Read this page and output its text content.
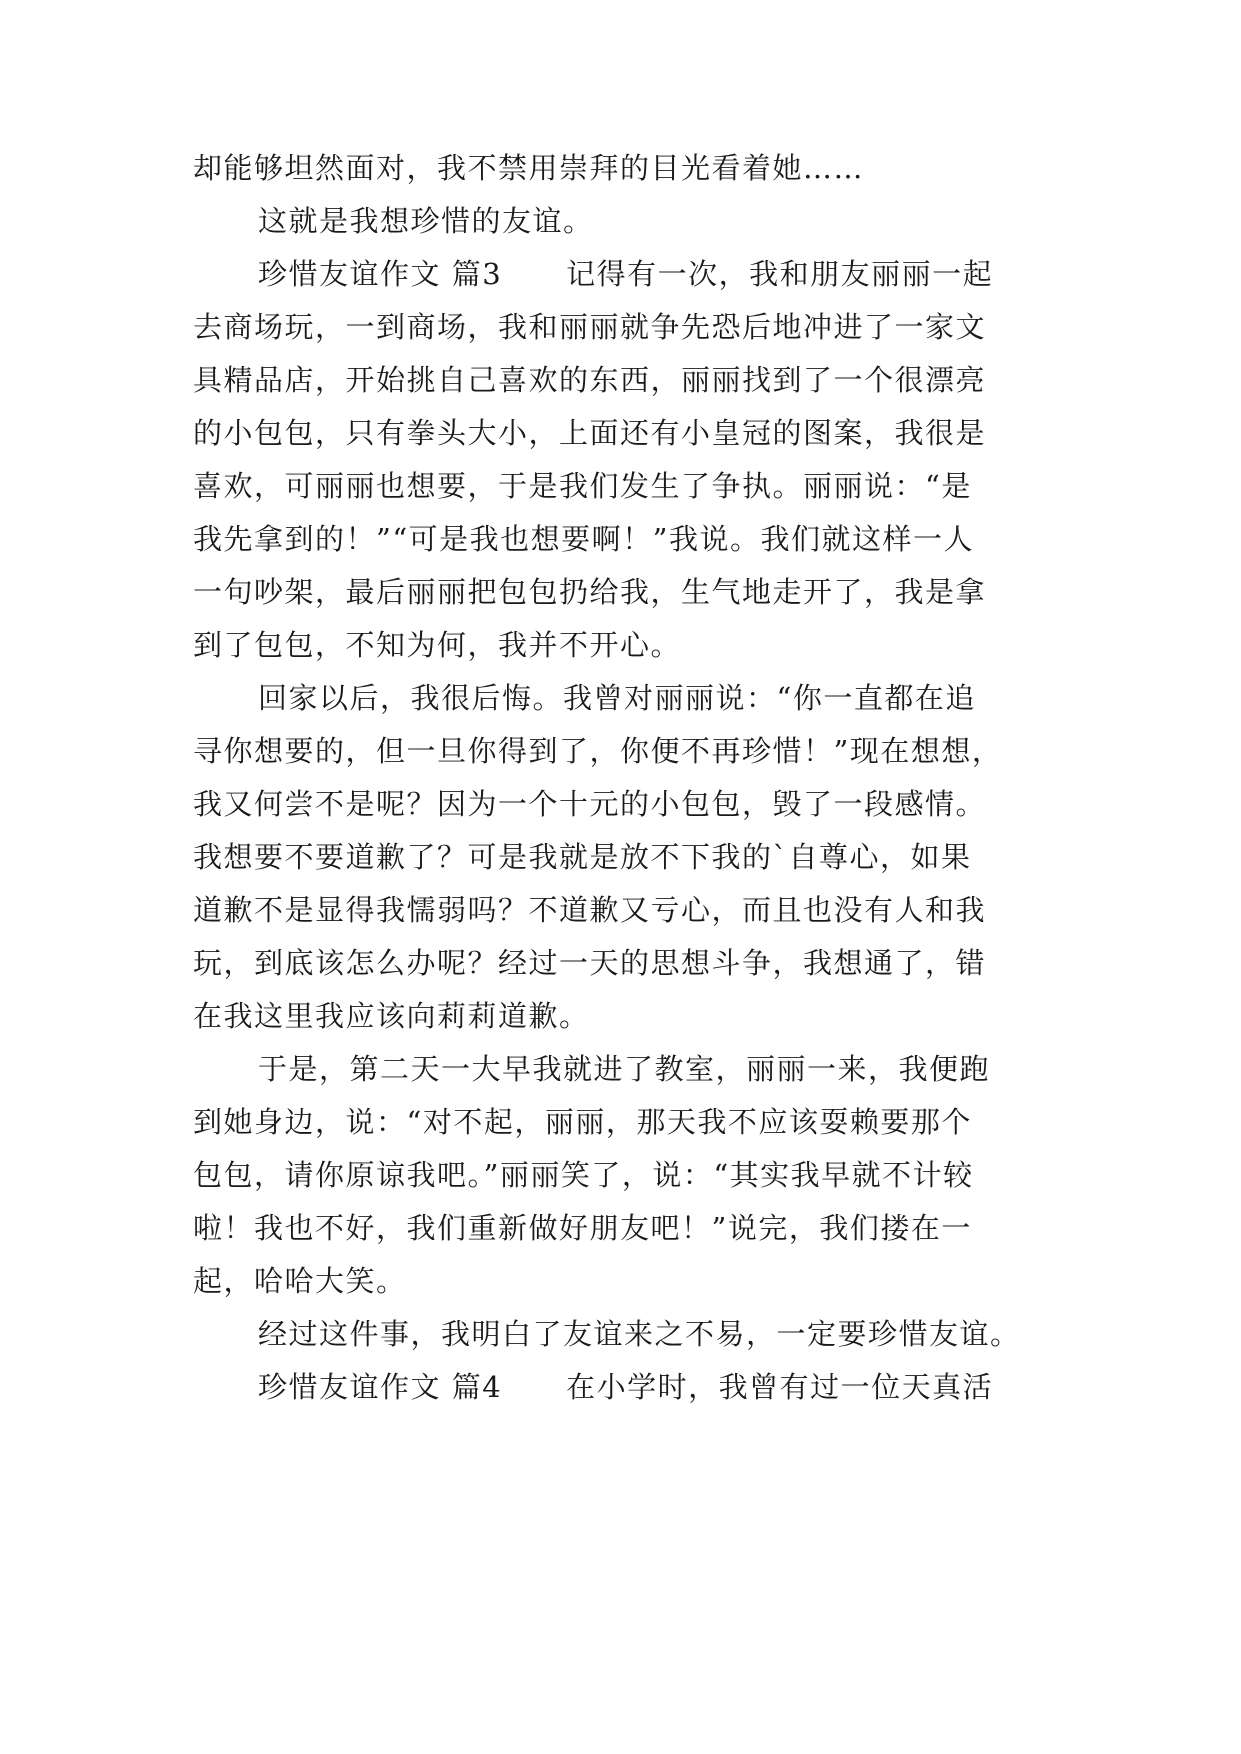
却能够坦然面对，我不禁用崇拜的目光看着她……
这就是我想珍惜的友谊。
珍惜友谊作文 篇3 记得有一次，我和朋友丽丽一起
去商场玩，一到商场，我和丽丽就争先恐后地冲进了一家文
具精品店，开始挑自己喜欢的东西，丽丽找到了一个很漂亮
的小包包，只有拳头大小，上面还有小皇冠的图案，我很是
喜欢，可丽丽也想要，于是我们发生了争执。丽丽说：“是
我先拿到的！”“可是我也想要啊！”我说。我们就这样一人
一句吵架，最后丽丽把包包扔给我，生气地走开了，我是拿
到了包包，不知为何，我并不开心。
回家以后，我很后悔。我曾对丽丽说：“你一直都在追
寻你想要的，但一旦你得到了，你便不再珍惜！”现在想想，
我又何尝不是呢？因为一个十元的小包包，毁了一段感情。
我想要不要道歉了？可是我就是放不下我的`自尊心，如果
道歉不是显得我懦弱吗？不道歉又亏心，而且也没有人和我
玩，到底该怎么办呢？经过一天的思想斗争，我想通了，错
在我这里我应该向莉莉道歉。
于是，第二天一大早我就进了教室，丽丽一来，我便跑
到她身边，说：“对不起，丽丽，那天我不应该耍赖要那个
包包，请你原谅我吧。”丽丽笑了，说：“其实我早就不计较
啦！我也不好，我们重新做好朋友吧！”说完，我们搂在一
起，哈哈大笑。
经过这件事，我明白了友谊来之不易，一定要珍惜友谊。
珍惜友谊作文 篇4 在小学时，我曾有过一位天真活
